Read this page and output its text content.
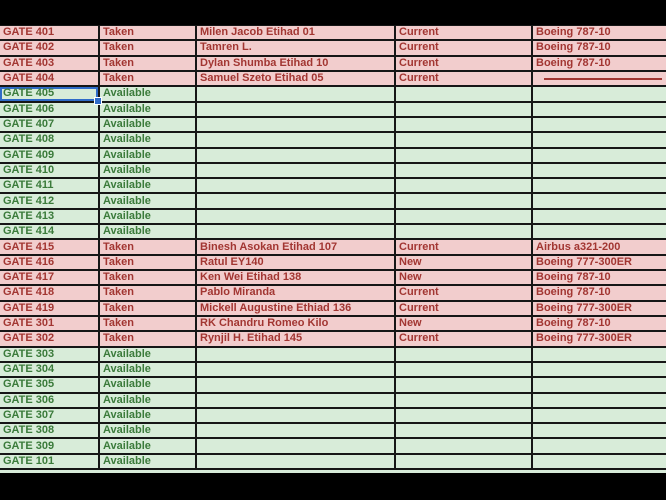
GATE 401	Taken	Milen Jacob Etihad 01	Current	Boeing 787-10
GATE 402	Taken	Tamren L.	Current	Boeing 787-10
GATE 403	Taken	Dylan Shumba Etihad 10	Current	Boeing 787-10
GATE 404	Taken	Samuel Szeto Etihad 05	Current
GATE 405	Available
GATE 406	Available
GATE 407	Available
GATE 408	Available
GATE 409	Available
GATE 410	Available
GATE 411	Available
GATE 412	Available
GATE 413	Available
GATE 414	Available
GATE 415	Taken	Binesh Asokan Etihad 107	Current	Airbus a321-200
GATE 416	Taken	Ratul EY140	New	Boeing 777-300ER
GATE 417	Taken	Ken Wei Etihad 138	New	Boeing 787-10
GATE 418	Taken	Pablo Miranda	Current	Boeing 787-10
GATE 419	Taken	Mickell Augustine Ethiad 136	Current	Boeing 777-300ER
GATE 301	Taken	RK Chandru Romeo Kilo	New	Boeing 787-10
GATE 302	Taken	Rynjil H. Etihad 145	Current	Boeing 777-300ER
GATE 303	Available
GATE 304	Available
GATE 305	Available
GATE 306	Available
GATE 307	Available
GATE 308	Available
GATE 309	Available
GATE 101	Available
